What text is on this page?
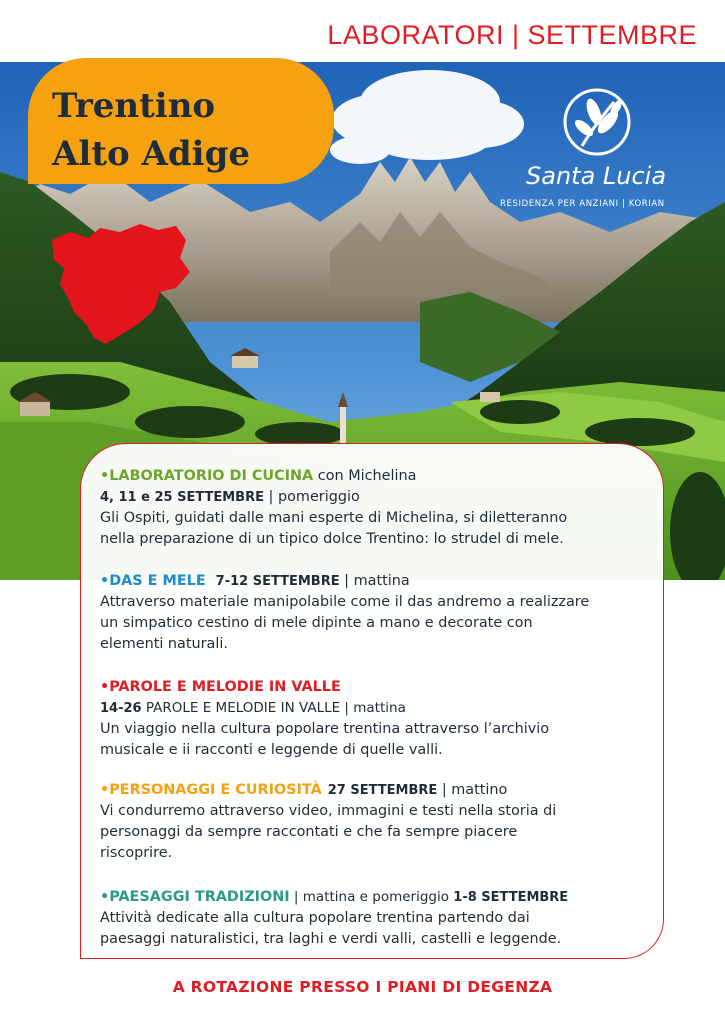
LABORATORI | SETTEMBRE
Trentino
Alto Adige
Santa Lucia
RESIDENZA PER ANZIANI | KORIAN

•LABORATORIO DI CUCINA con Michelina

4, 11 e 25 SETTEMBRE | pomeriggio

Gli Ospiti, guidati dalle mani esperte di Michelina, si diletteranno

nella preparazione di un tipico dolce Trentino: lo strudel di mele.

•DAS E MELE 7-12 SETTEMBRE | mattina

Attraverso materiale manipolabile come il das andremo a realizzare

un simpatico cestino di mele dipinte a mano e decorate con

elementi naturali.

•PAROLE E MELODIE IN VALLE

14-26 PAROLE E MELODIE IN VALLE | mattina

Un viaggio nella cultura popolare trentina attraverso l’archivio

musicale e ii racconti e leggende di quelle valli.

•PERSONAGGI E CURIOSITÀ 27 SETTEMBRE | mattino

Vi condurremo attraverso video, immagini e testi nella storia di

personaggi da sempre raccontati e che fa sempre piacere

riscoprire.

•PAESAGGI TRADIZIONI | mattina e pomeriggio 1-8 SETTEMBRE

Attività dedicate alla cultura popolare trentina partendo dai

paesaggi naturalistici, tra laghi e verdi valli, castelli e leggende.

A ROTAZIONE PRESSO I PIANI DI DEGENZA
